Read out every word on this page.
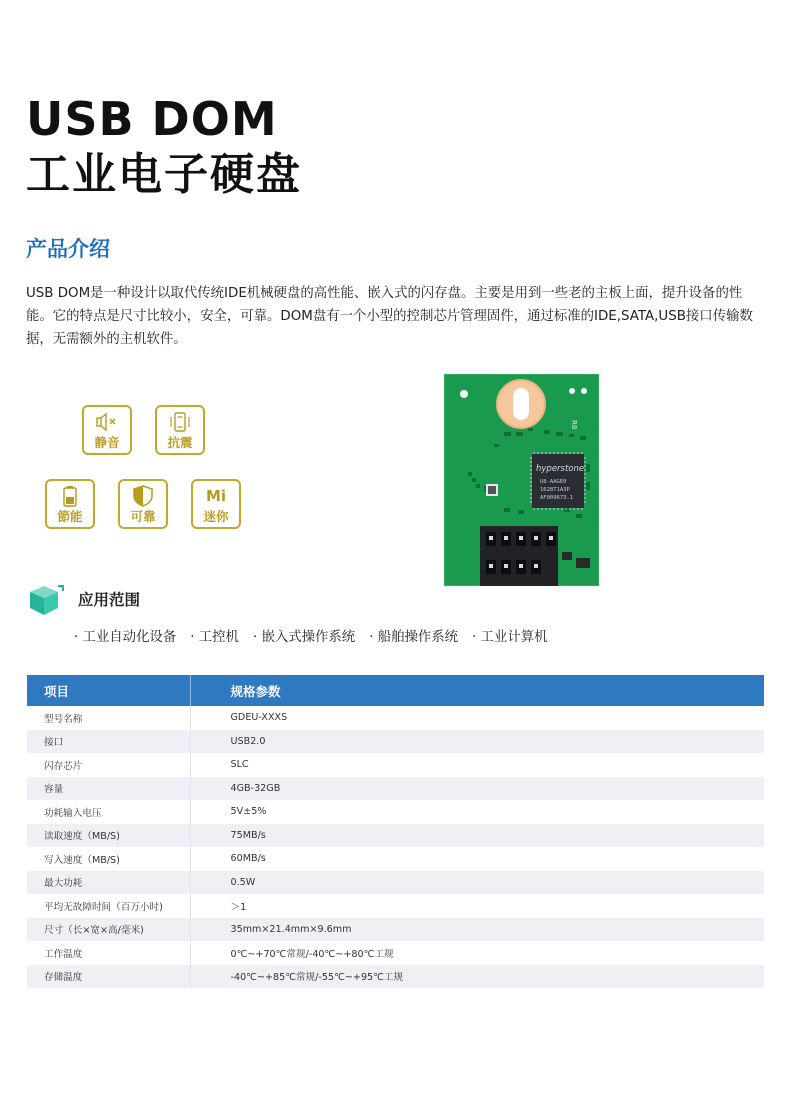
USB DOM
工业电子硬盘
产品介绍

USB DOM是一种设计以取代传统IDE机械硬盘的高性能、嵌入式的闪存盘。主要是用到一些老的主板上面，提升设备的性能。它的特点是尺寸比较小，安全，可靠。DOM盘有一个小型的控制芯片管理固件，通过标准的IDE,SATA,USB接口传输数据，无需额外的主机软件。

静音	抗震
節能	可靠
Mi
迷你
R8
hyperstone
U8-AAGE0
1628T1A3P
AF009673.1
应用范围
· 工业自动化设备 · 工控机 · 嵌入式操作系统 · 船舶操作系统 · 工业计算机
项目	规格参数
型号名称	GDEU-XXXS
接口	USB2.0
闪存芯片	SLC
容量	4GB-32GB
功耗输入电压	5V±5%
读取速度（MB/S)	75MB/s
写入速度（MB/S)	60MB/s
最大功耗	0.5W
平均无故障时间（百万小时)	＞1
尺寸（长×宽×高/毫米)	35mm×21.4mm×9.6mm
工作温度	0℃~+70℃常规/-40℃~+80℃工规
存储温度	-40℃~+85℃常规/-55℃~+95℃工规
